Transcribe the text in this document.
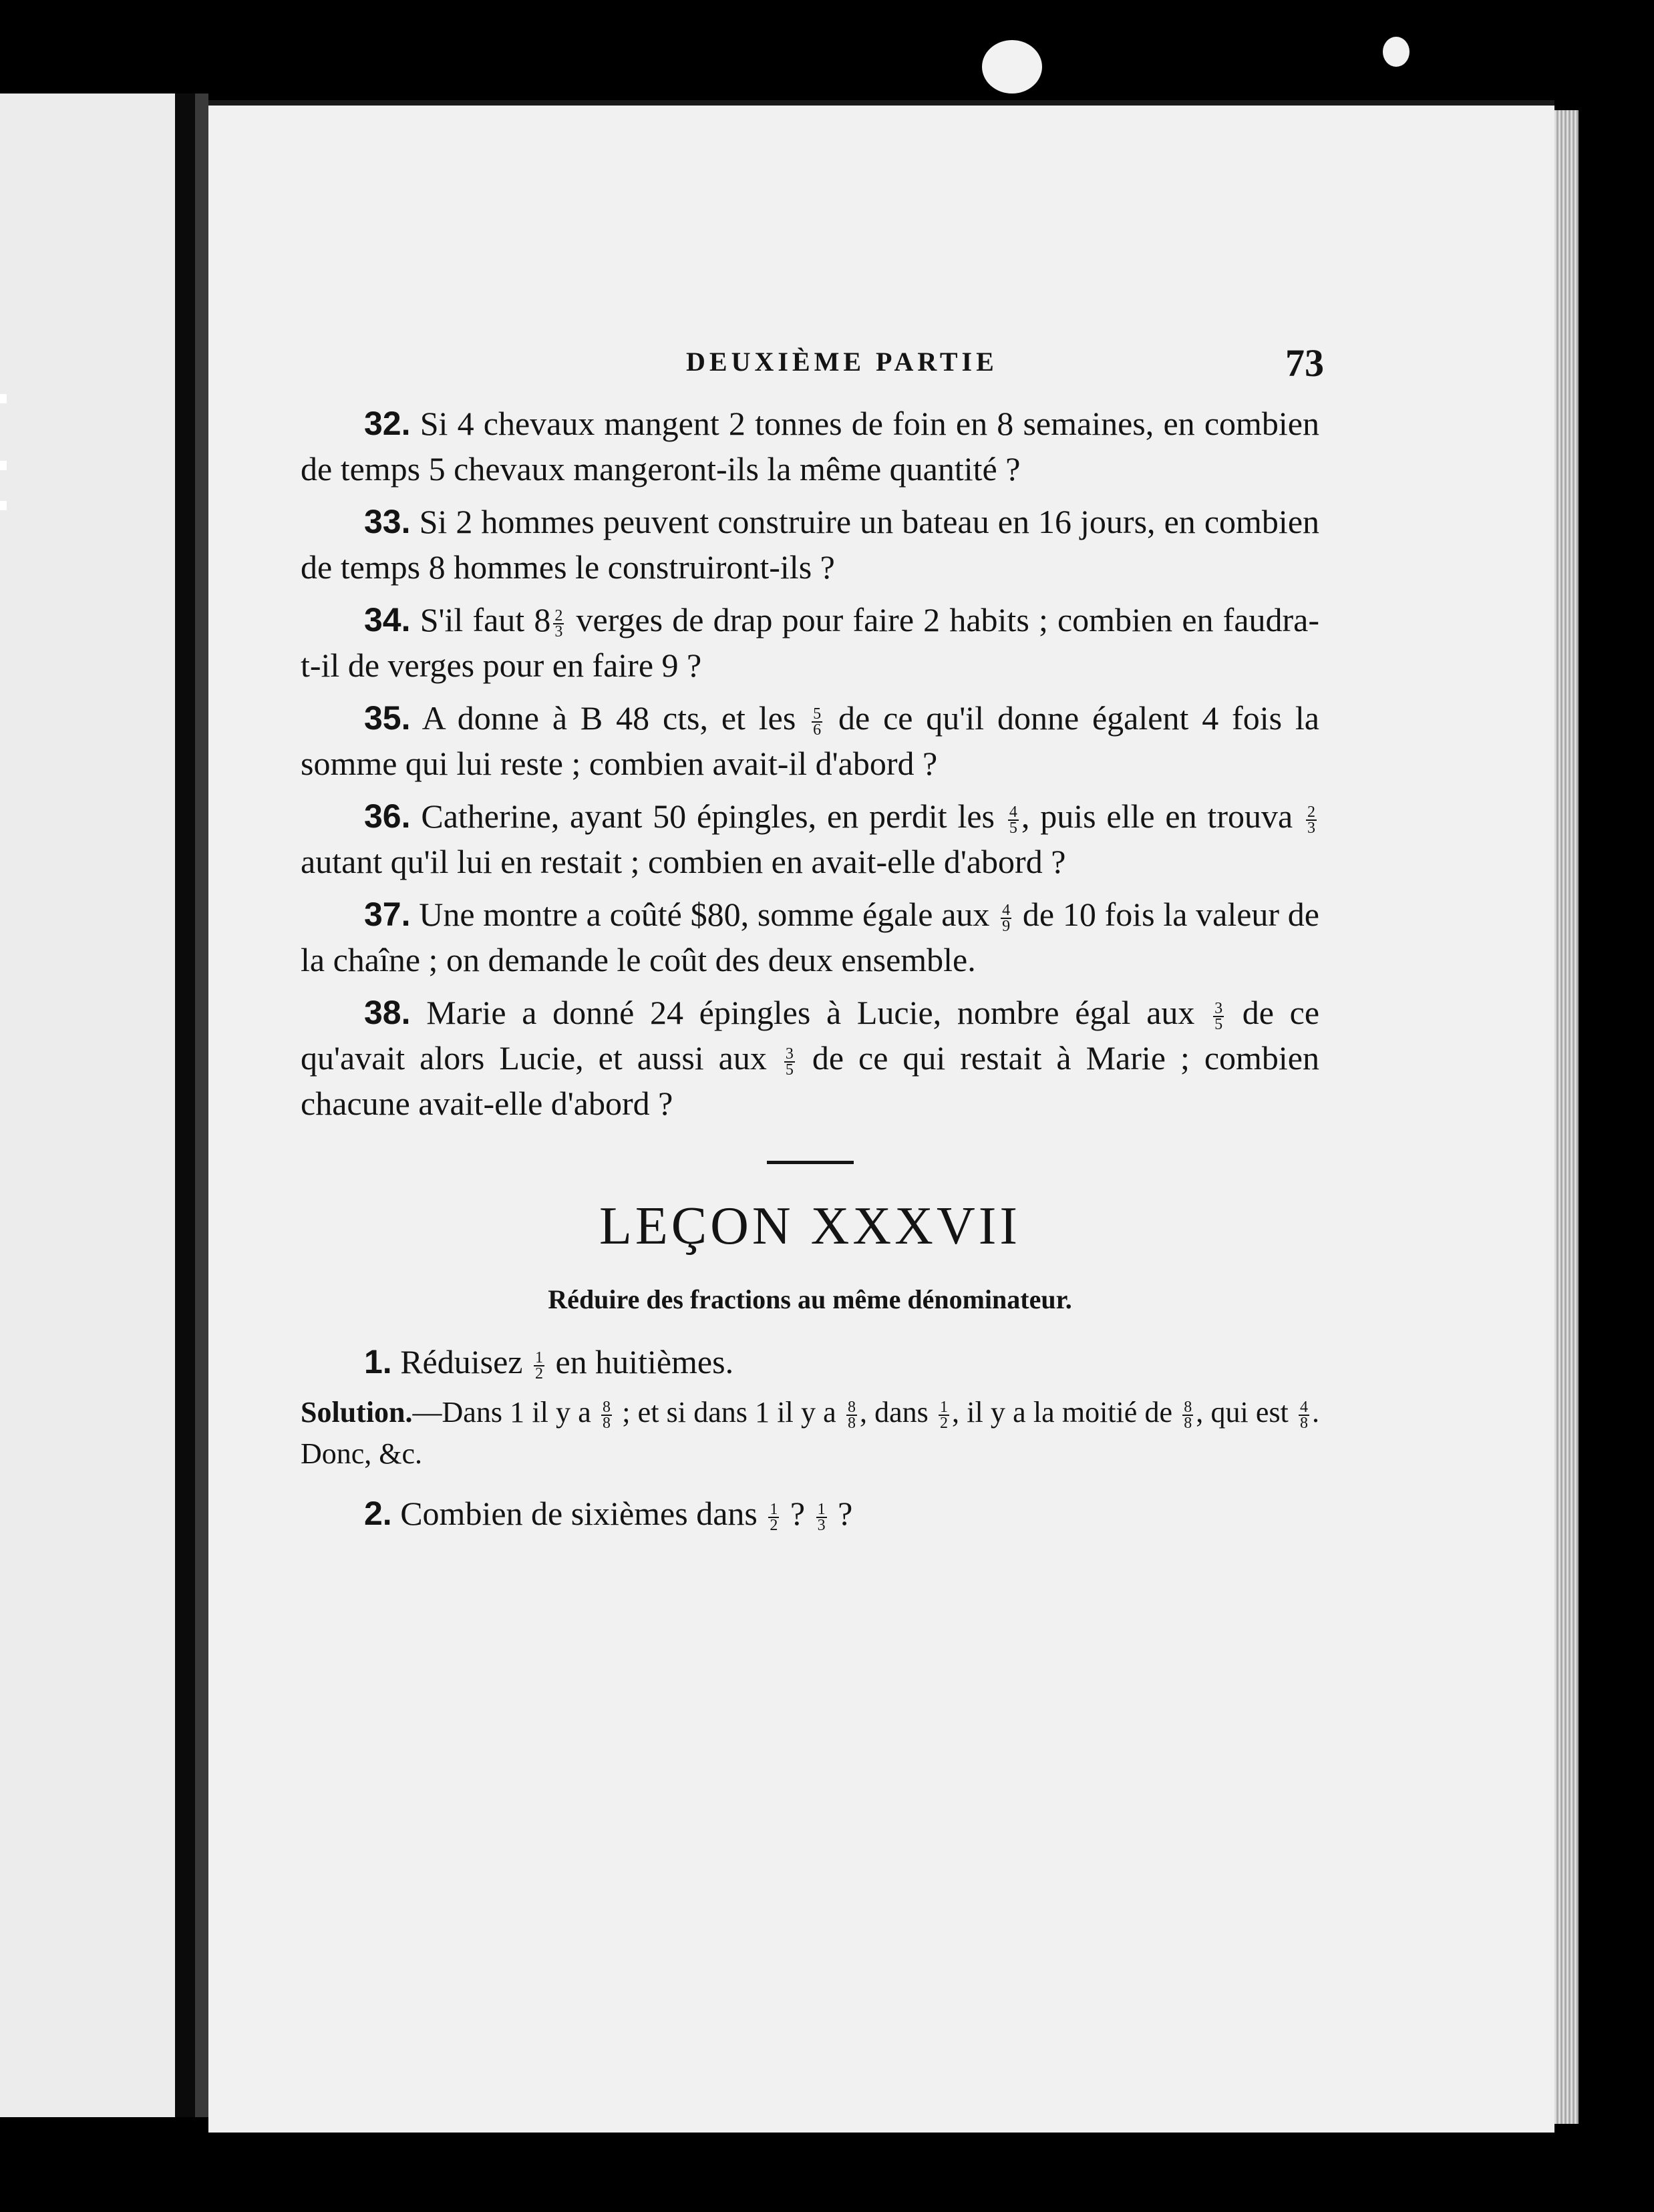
DEUXIÈME PARTIE	73

32. Si 4 chevaux mangent 2 tonnes de foin en 8 semaines, en combien de temps 5 chevaux mangeront-ils la même quantité ?

33. Si 2 hommes peuvent construire un bateau en 16 jours, en combien de temps 8 hommes le construiront-ils ?

34. S'il faut $8 \frac{2}{3}$ verges de drap pour faire 2 habits ; combien en faudra-t-il de verges pour en faire 9 ?

35. A donne à B 48 cts, et les $\frac{5}{6}$ de ce qu'il donne égalent 4 fois la somme qui lui reste ; combien avait-il d'abord ?

36. Catherine, ayant 50 épingles, en perdit les $\frac{4}{5}$ , puis elle en trouva $\frac{2}{3}$
autant qu'il lui en restait ; combien en avait-elle d'abord ?

37. Une montre a coûté $80, somme égale aux $\frac{4}{9}$ de 10 fois la valeur de la chaîne ; on demande le coût des deux ensemble.

38. Marie a donné 24 épingles à Lucie, nombre égal aux $\frac{3}{5}$ de ce qu'avait alors Lucie, et aussi aux $\frac{3}{5}$ de ce qui restait à Marie ; combien chacune avait-elle d'abord ?

LEÇON XXXVII
Réduire des fractions au même dénominateur.

1. Réduisez $\frac{1}{2}$ en huitièmes.

Solution.—Dans 1 il y a $\frac{8}{8}$ ; et si dans 1 il y a $\frac{8}{8}$ , dans $\frac{1}{2}$ , il y a la moitié de $\frac{8}{8}$ , qui est $\frac{4}{8}$ . Donc, &c.

2. Combien de sixièmes dans $\frac{1}{2}$ ? $\frac{1}{3}$ ?
